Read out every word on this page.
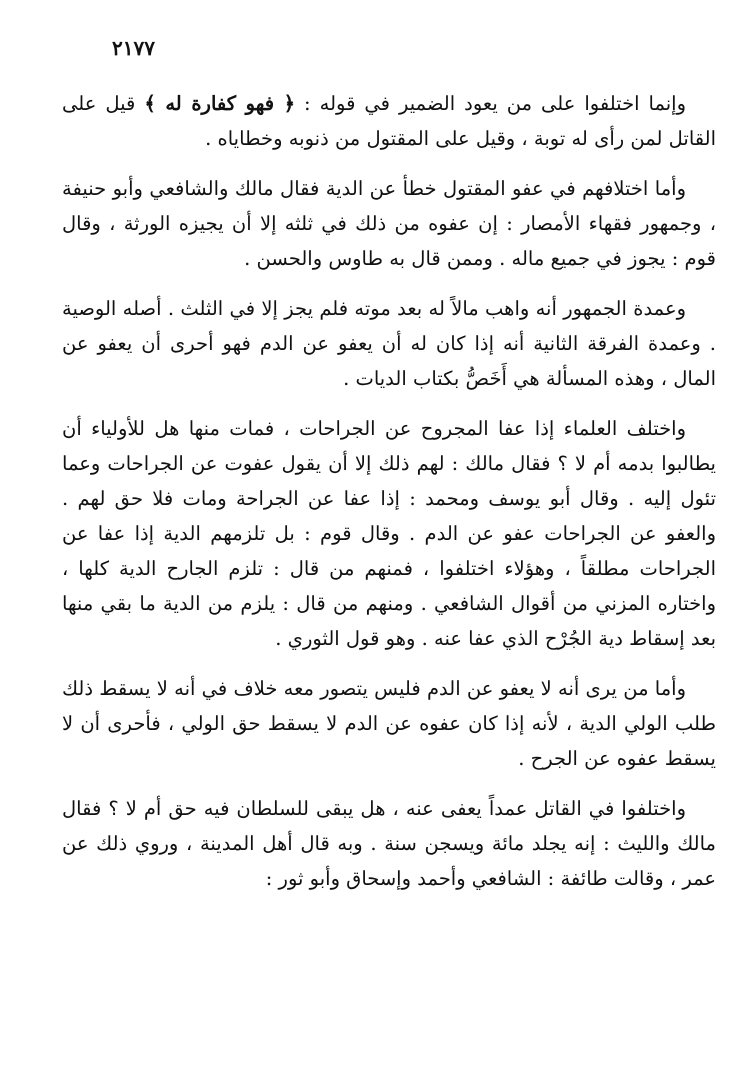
٢١٧٧

وإنما اختلفوا على من يعود الضمير في قوله : ﴿ فهو كفارة له ﴾ قيل على القاتل لمن رأى له توبة ، وقيل على المقتول من ذنوبه وخطاياه .

وأما اختلافهم في عفو المقتول خطأ عن الدية فقال مالك والشافعي وأبو حنيفة ، وجمهور فقهاء الأمصار : إن عفوه من ذلك في ثلثه إلا أن يجيزه الورثة ، وقال قوم : يجوز في جميع ماله . وممن قال به طاوس والحسن .

وعمدة الجمهور أنه واهب مالاً له بعد موته فلم يجز إلا في الثلث . أصله الوصية . وعمدة الفرقة الثانية أنه إذا كان له أن يعفو عن الدم فهو أحرى أن يعفو عن المال ، وهذه المسألة هي أَخَصُّ بكتاب الديات .

واختلف العلماء إذا عفا المجروح عن الجراحات ، فمات منها هل للأولياء أن يطالبوا بدمه أم لا ؟ فقال مالك : لهم ذلك إلا أن يقول عفوت عن الجراحات وعما تئول إليه . وقال أبو يوسف ومحمد : إذا عفا عن الجراحة ومات فلا حق لهم . والعفو عن الجراحات عفو عن الدم . وقال قوم : بل تلزمهم الدية إذا عفا عن الجراحات مطلقاً ، وهؤلاء اختلفوا ، فمنهم من قال : تلزم الجارح الدية كلها ، واختاره المزني من أقوال الشافعي . ومنهم من قال : يلزم من الدية ما بقي منها بعد إسقاط دية الجُرْح الذي عفا عنه . وهو قول الثوري .

وأما من يرى أنه لا يعفو عن الدم فليس يتصور معه خلاف في أنه لا يسقط ذلك طلب الولي الدية ، لأنه إذا كان عفوه عن الدم لا يسقط حق الولي ، فأحرى أن لا يسقط عفوه عن الجرح .

واختلفوا في القاتل عمداً يعفى عنه ، هل يبقى للسلطان فيه حق أم لا ؟ فقال مالك والليث : إنه يجلد مائة ويسجن سنة . وبه قال أهل المدينة ، وروي ذلك عن عمر ، وقالت طائفة : الشافعي وأحمد وإسحاق وأبو ثور :
